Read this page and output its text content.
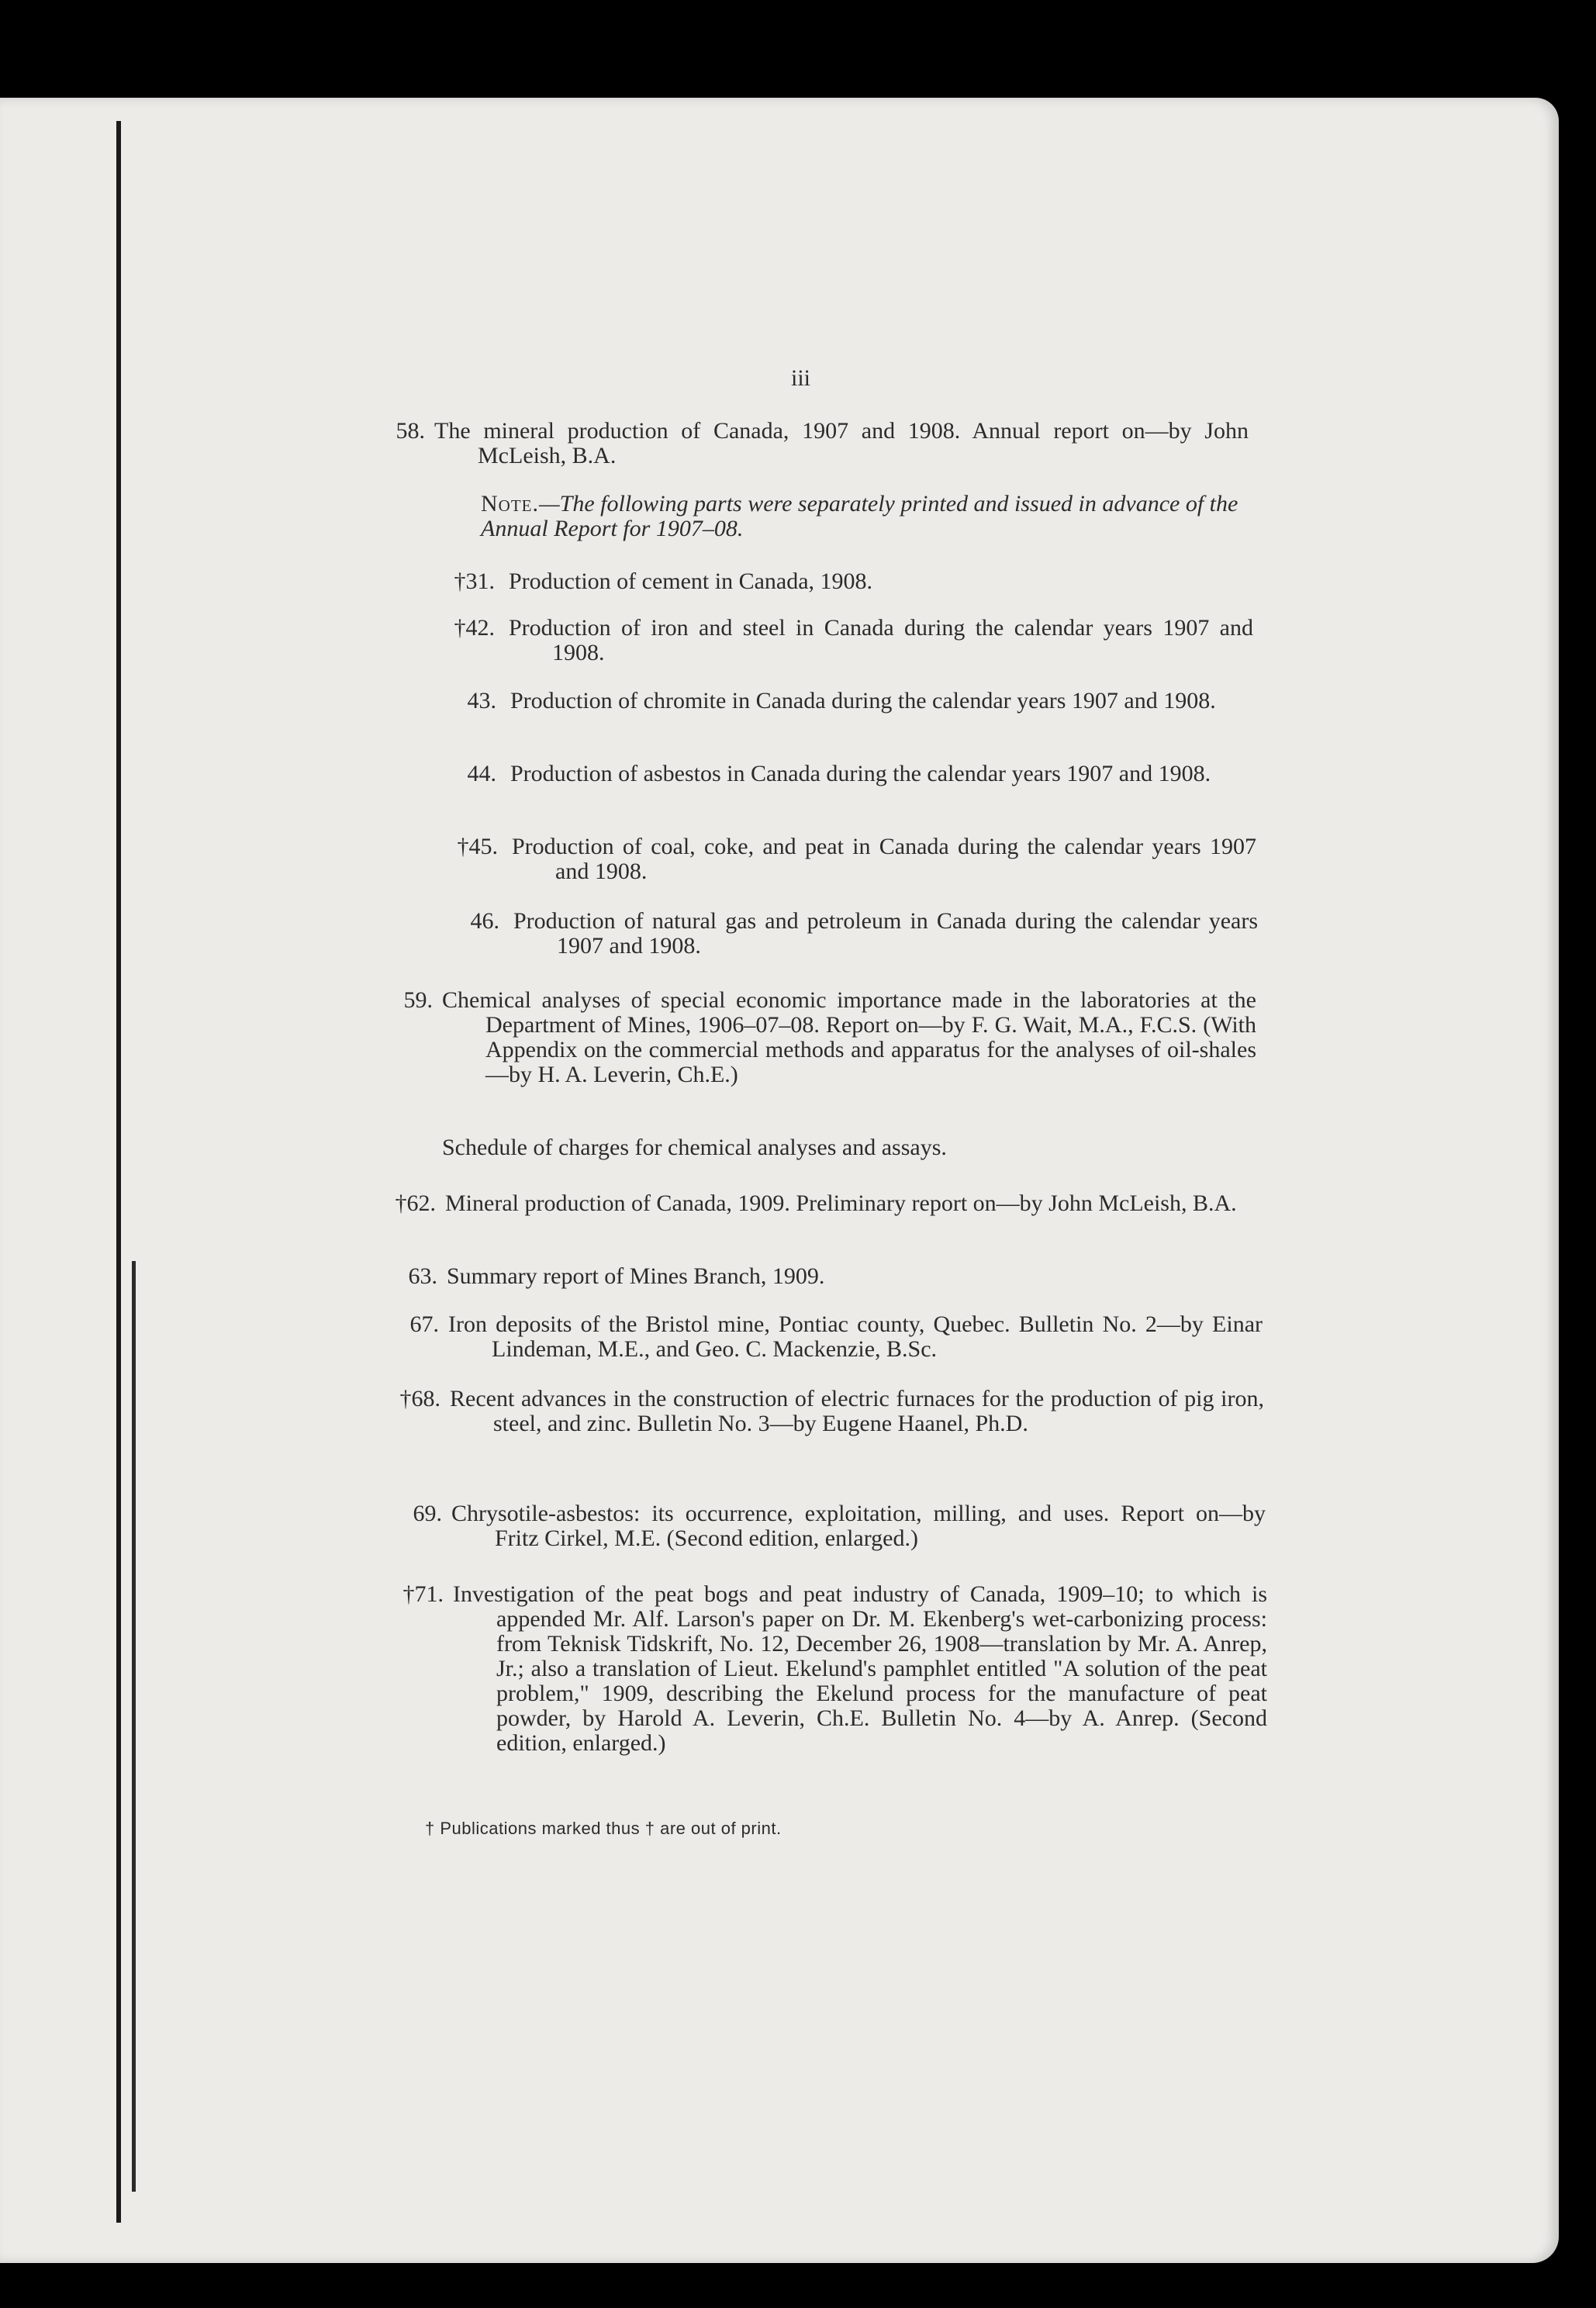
iii
58. The mineral production of Canada, 1907 and 1908. Annual report on—by John McLeish, B.A.
Note.—The following parts were separately printed and issued in advance of the Annual Report for 1907–08.
†31. Production of cement in Canada, 1908.
†42. Production of iron and steel in Canada during the calendar years 1907 and 1908.
43. Production of chromite in Canada during the calendar years 1907 and 1908.
44. Production of asbestos in Canada during the calendar years 1907 and 1908.
†45. Production of coal, coke, and peat in Canada during the calendar years 1907 and 1908.
46. Production of natural gas and petroleum in Canada during the calendar years 1907 and 1908.
59. Chemical analyses of special economic importance made in the laboratories at the Department of Mines, 1906–07–08. Report on—by F. G. Wait, M.A., F.C.S. (With Appendix on the commercial methods and apparatus for the analyses of oil-shales—by H. A. Leverin, Ch.E.)
Schedule of charges for chemical analyses and assays.
†62. Mineral production of Canada, 1909. Preliminary report on—by John McLeish, B.A.
63. Summary report of Mines Branch, 1909.
67. Iron deposits of the Bristol mine, Pontiac county, Quebec. Bulletin No. 2—by Einar Lindeman, M.E., and Geo. C. Mackenzie, B.Sc.
†68. Recent advances in the construction of electric furnaces for the production of pig iron, steel, and zinc. Bulletin No. 3—by Eugene Haanel, Ph.D.
69. Chrysotile-asbestos: its occurrence, exploitation, milling, and uses. Report on—by Fritz Cirkel, M.E. (Second edition, enlarged.)
†71. Investigation of the peat bogs and peat industry of Canada, 1909–10; to which is appended Mr. Alf. Larson's paper on Dr. M. Ekenberg's wet-carbonizing process: from Teknisk Tidskrift, No. 12, December 26, 1908—translation by Mr. A. Anrep, Jr.; also a translation of Lieut. Ekelund's pamphlet entitled "A solution of the peat problem," 1909, describing the Ekelund process for the manufacture of peat powder, by Harold A. Leverin, Ch.E. Bulletin No. 4—by A. Anrep. (Second edition, enlarged.)
† Publications marked thus † are out of print.
